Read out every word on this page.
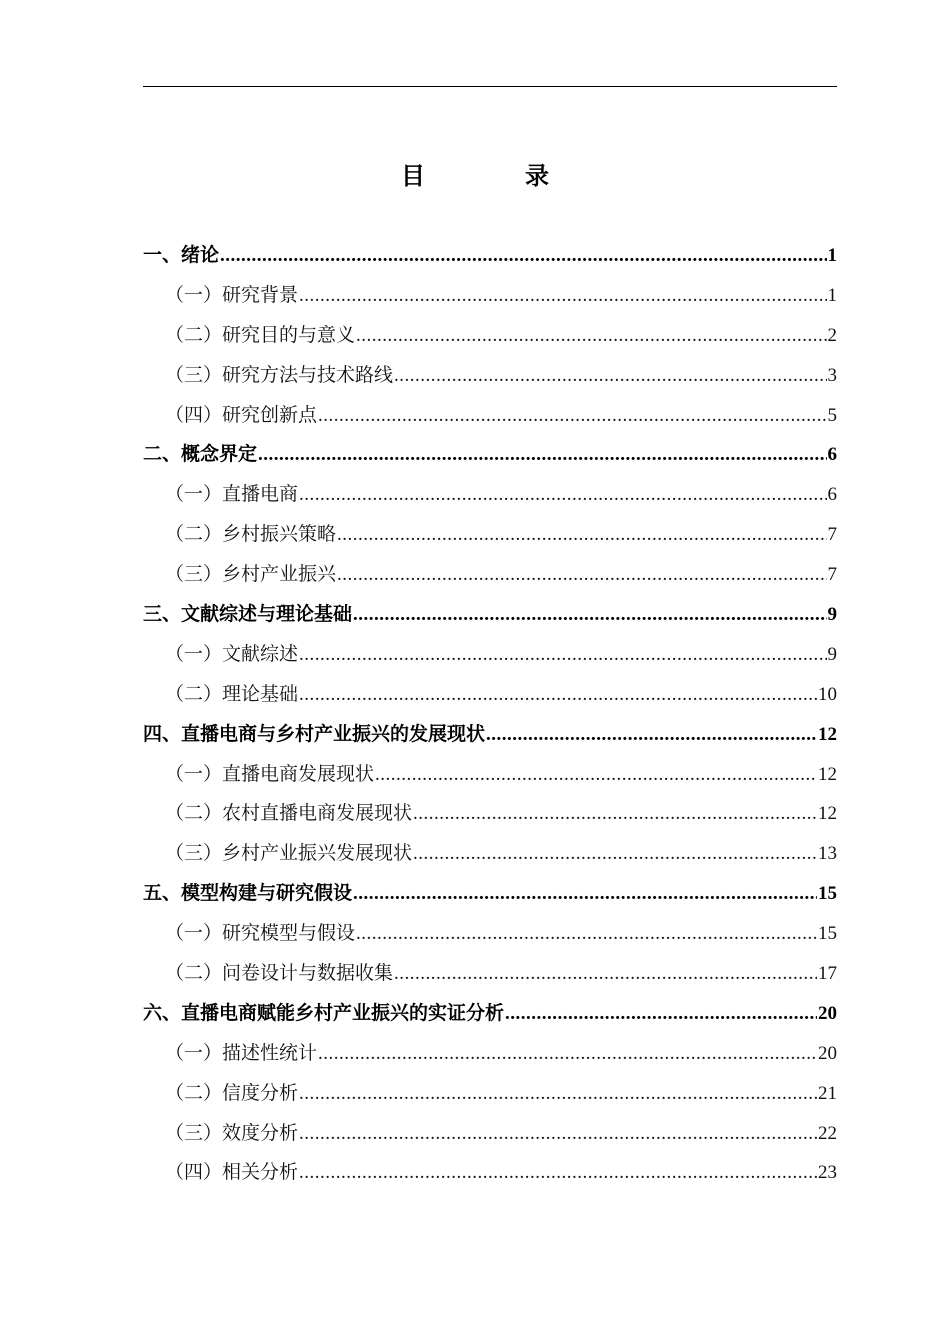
目录
一、绪论 .....	1
（一）研究背景 .....	1
（二）研究目的与意义 .....	2
（三）研究方法与技术路线 .....	3
（四）研究创新点 .....	5
二、概念界定 .....	6
（一）直播电商 .....	6
（二）乡村振兴策略 .....	7
（三）乡村产业振兴 .....	7
三、文献综述与理论基础 .....	9
（一）文献综述 .....	9
（二）理论基础 .....	10
四、直播电商与乡村产业振兴的发展现状 .....	12
（一）直播电商发展现状 .....	12
（二）农村直播电商发展现状 .....	12
（三）乡村产业振兴发展现状 .....	13
五、模型构建与研究假设 .....	15
（一）研究模型与假设 .....	15
（二）问卷设计与数据收集 .....	17
六、直播电商赋能乡村产业振兴的实证分析 .....	20
（一）描述性统计 .....	20
（二）信度分析 .....	21
（三）效度分析 .....	22
（四）相关分析 .....	23
